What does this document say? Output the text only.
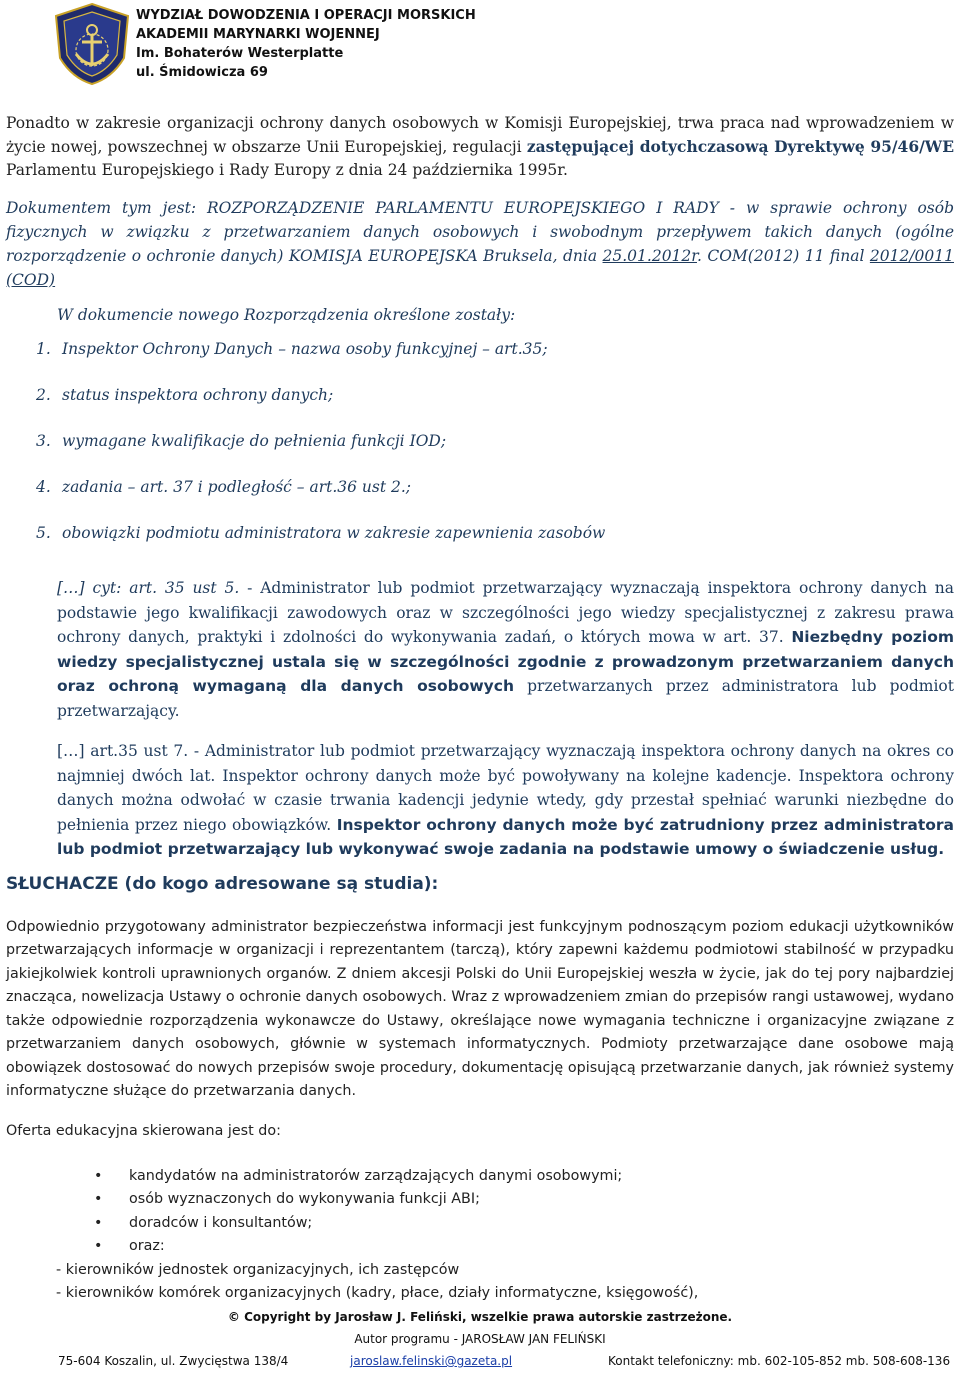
WYDZIAŁ DOWODZENIA I OPERACJI MORSKICH
AKADEMII MARYNARKI WOJENNEJ
Im. Bohaterów Westerplatte
ul. Śmidowicza 69

Ponadto w zakresie organizacji ochrony danych osobowych w Komisji Europejskiej, trwa praca nad wprowadzeniem w życie nowej, powszechnej w obszarze Unii Europejskiej, regulacji zastępującej dotychczasową Dyrektywę 95/46/WE Parlamentu Europejskiego i Rady Europy z dnia 24 października 1995r.

Dokumentem tym jest: ROZPORZĄDZENIE PARLAMENTU EUROPEJSKIEGO I RADY - w sprawie ochrony osób fizycznych w związku z przetwarzaniem danych osobowych i swobodnym przepływem takich danych (ogólne rozporządzenie o ochronie danych) KOMISJA EUROPEJSKA Bruksela, dnia 25.01.2012r. COM(2012) 11 final 2012/0011 (COD)

W dokumencie nowego Rozporządzenia określone zostały:

1. Inspektor Ochrony Danych – nazwa osoby funkcyjnej – art.35;
2. status inspektora ochrony danych;
3. wymagane kwalifikacje do pełnienia funkcji IOD;
4. zadania – art. 37 i podległość – art.36 ust 2.;
5. obowiązki podmiotu administratora w zakresie zapewnienia zasobów

[…] cyt: art. 35 ust 5. - Administrator lub podmiot przetwarzający wyznaczają inspektora ochrony danych na podstawie jego kwalifikacji zawodowych oraz w szczególności jego wiedzy specjalistycznej z zakresu prawa ochrony danych, praktyki i zdolności do wykonywania zadań, o których mowa w art. 37. Niezbędny poziom wiedzy specjalistycznej ustala się w szczególności zgodnie z prowadzonym przetwarzaniem danych oraz ochroną wymaganą dla danych osobowych przetwarzanych przez administratora lub podmiot przetwarzający.

[…] art.35 ust 7. - Administrator lub podmiot przetwarzający wyznaczają inspektora ochrony danych na okres co najmniej dwóch lat. Inspektor ochrony danych może być powoływany na kolejne kadencje. Inspektora ochrony danych można odwołać w czasie trwania kadencji jedynie wtedy, gdy przestał spełniać warunki niezbędne do pełnienia przez niego obowiązków. Inspektor ochrony danych może być zatrudniony przez administratora lub podmiot przetwarzający lub wykonywać swoje zadania na podstawie umowy o świadczenie usług.

SŁUCHACZE (do kogo adresowane są studia):

Odpowiednio przygotowany administrator bezpieczeństwa informacji jest funkcyjnym podnoszącym poziom edukacji użytkowników przetwarzających informacje w organizacji i reprezentantem (tarczą), który zapewni każdemu podmiotowi stabilność w przypadku jakiejkolwiek kontroli uprawnionych organów. Z dniem akcesji Polski do Unii Europejskiej weszła w życie, jak do tej pory najbardziej znacząca, nowelizacja Ustawy o ochronie danych osobowych. Wraz z wprowadzeniem zmian do przepisów rangi ustawowej, wydano także odpowiednie rozporządzenia wykonawcze do Ustawy, określające nowe wymagania techniczne i organizacyjne związane z przetwarzaniem danych osobowych, głównie w systemach informatycznych. Podmioty przetwarzające dane osobowe mają obowiązek dostosować do nowych przepisów swoje procedury, dokumentację opisującą przetwarzanie danych, jak również systemy informatyczne służące do przetwarzania danych.

Oferta edukacyjna skierowana jest do:

• kandydatów na administratorów zarządzających danymi osobowymi;
• osób wyznaczonych do wykonywania funkcji ABI;
• doradców i konsultantów;
• oraz:
- kierowników jednostek organizacyjnych, ich zastępców
- kierowników komórek organizacyjnych (kadry, płace, działy informatyczne, księgowość),
© Copyright by Jarosław J. Feliński, wszelkie prawa autorskie zastrzeżone.
Autor programu - JAROSŁAW JAN FELIŃSKI
75-604 Koszalin, ul. Zwycięstwa 138/4	jaroslaw.felinski@gazeta.pl	Kontakt telefoniczny: mb. 602-105-852 mb. 508-608-136
